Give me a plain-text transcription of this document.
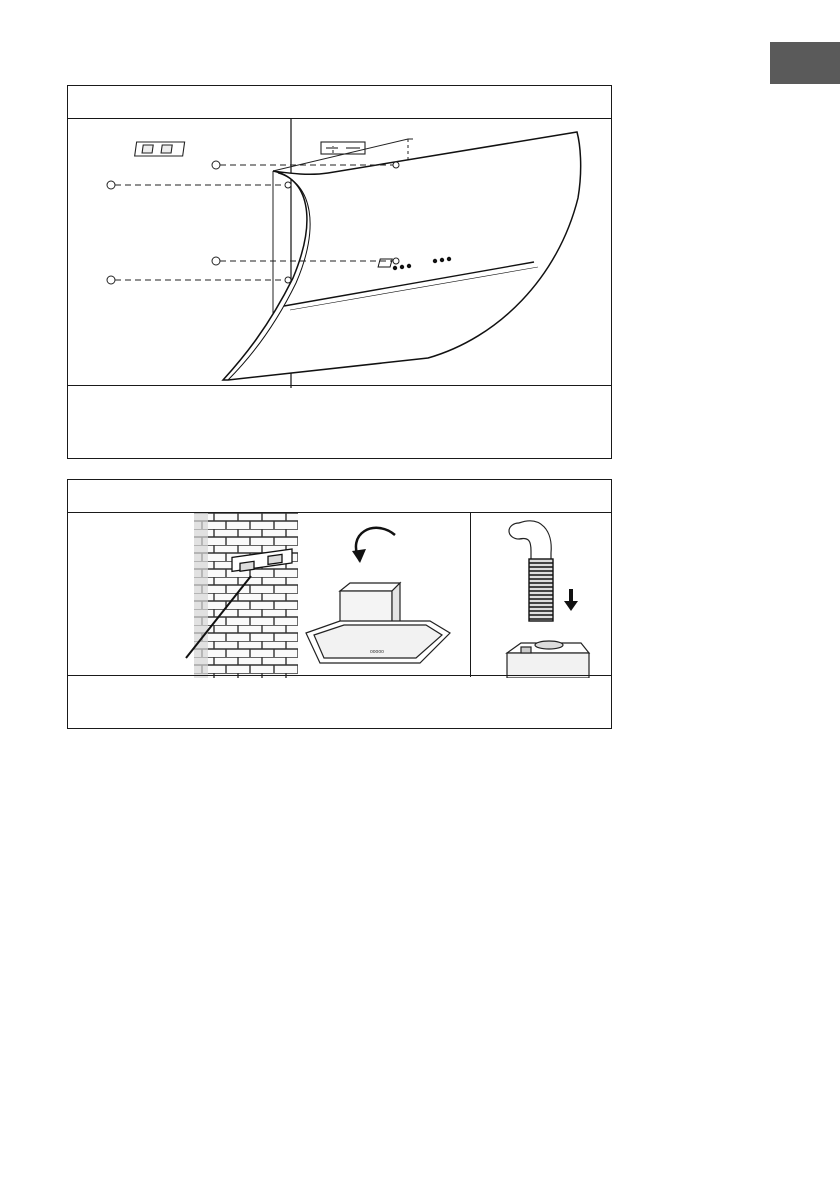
ooooo
